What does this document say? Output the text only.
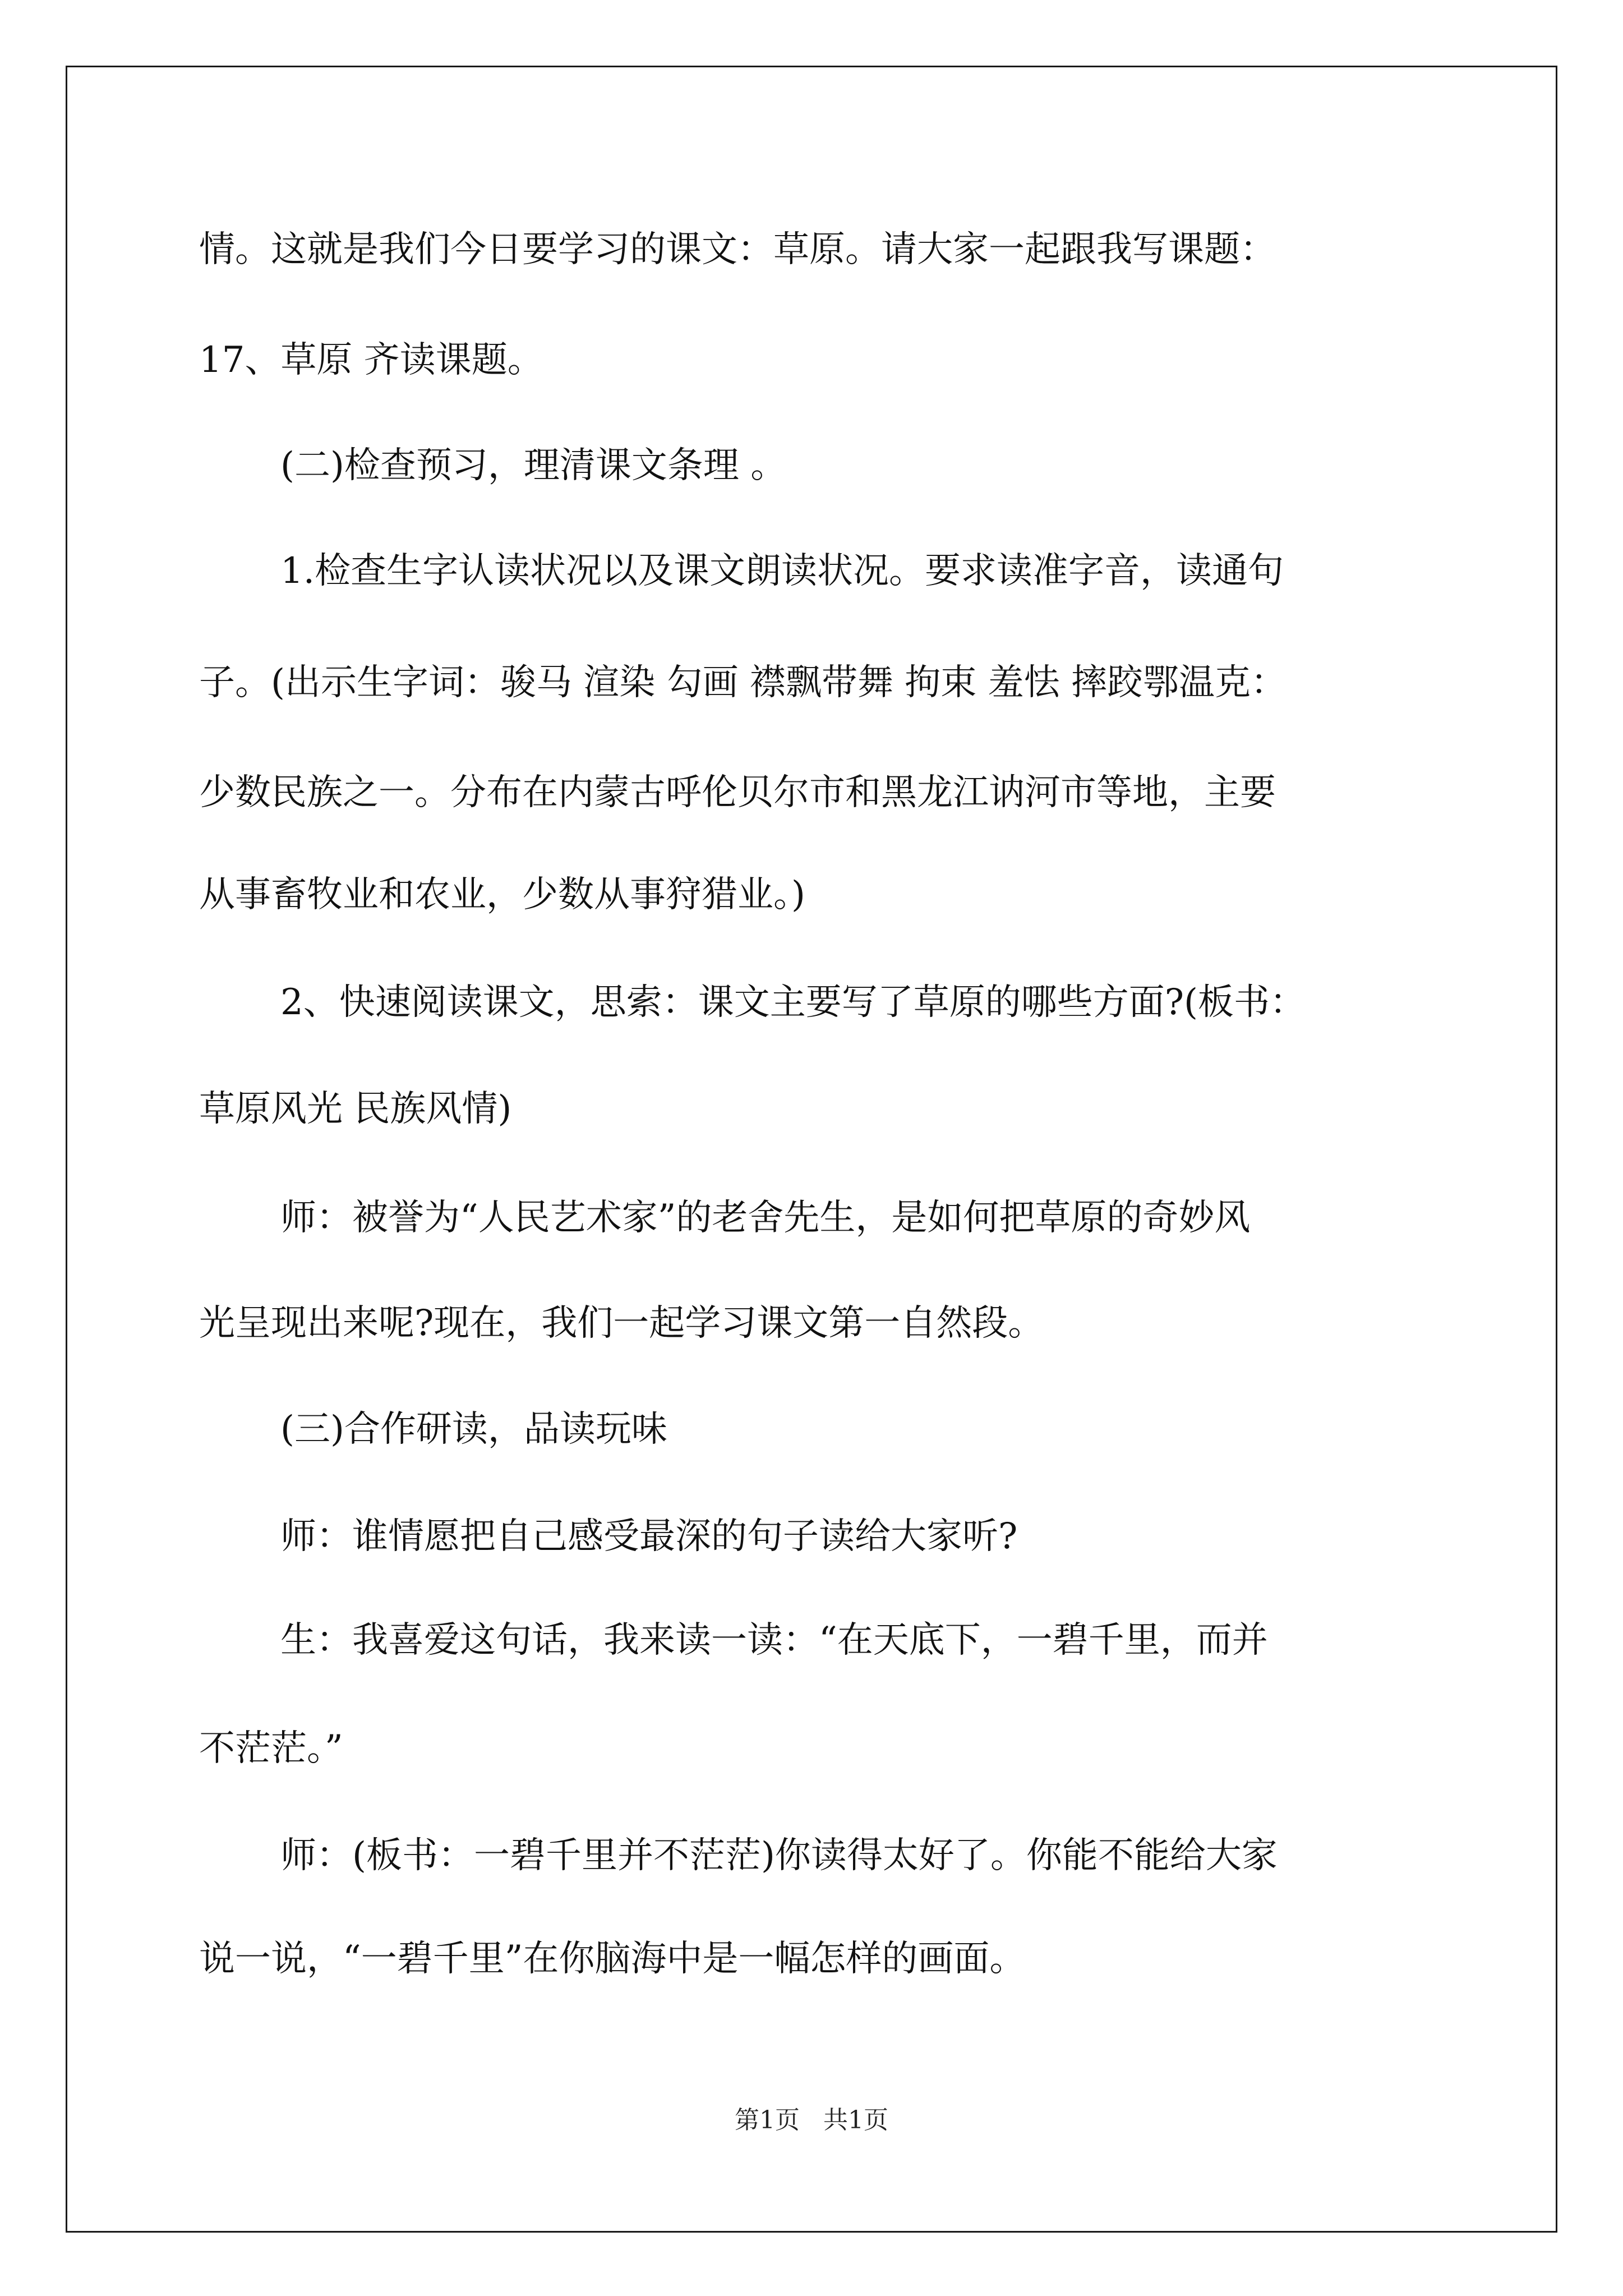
情。这就是我们今日要学习的课文：草原。请大家一起跟我写课题：
17、草原 齐读课题。
(二)检查预习，理清课文条理 。
1.检查生字认读状况以及课文朗读状况。要求读准字音，读通句
子。(出示生字词：骏马 渲染 勾画 襟飘带舞 拘束 羞怯 摔跤鄂温克：
少数民族之一。分布在内蒙古呼伦贝尔市和黑龙江讷河市等地，主要
从事畜牧业和农业，少数从事狩猎业。)
2、快速阅读课文，思索：课文主要写了草原的哪些方面?(板书：
草原风光 民族风情)
师：被誉为“人民艺术家”的老舍先生，是如何把草原的奇妙风
光呈现出来呢?现在，我们一起学习课文第一自然段。
(三)合作研读，品读玩味
师：谁情愿把自己感受最深的句子读给大家听?
生：我喜爱这句话，我来读一读：“在天底下，一碧千里，而并
不茫茫。”
师：(板书：一碧千里并不茫茫)你读得太好了。你能不能给大家
说一说，“一碧千里”在你脑海中是一幅怎样的画面。
第1页   共1页
